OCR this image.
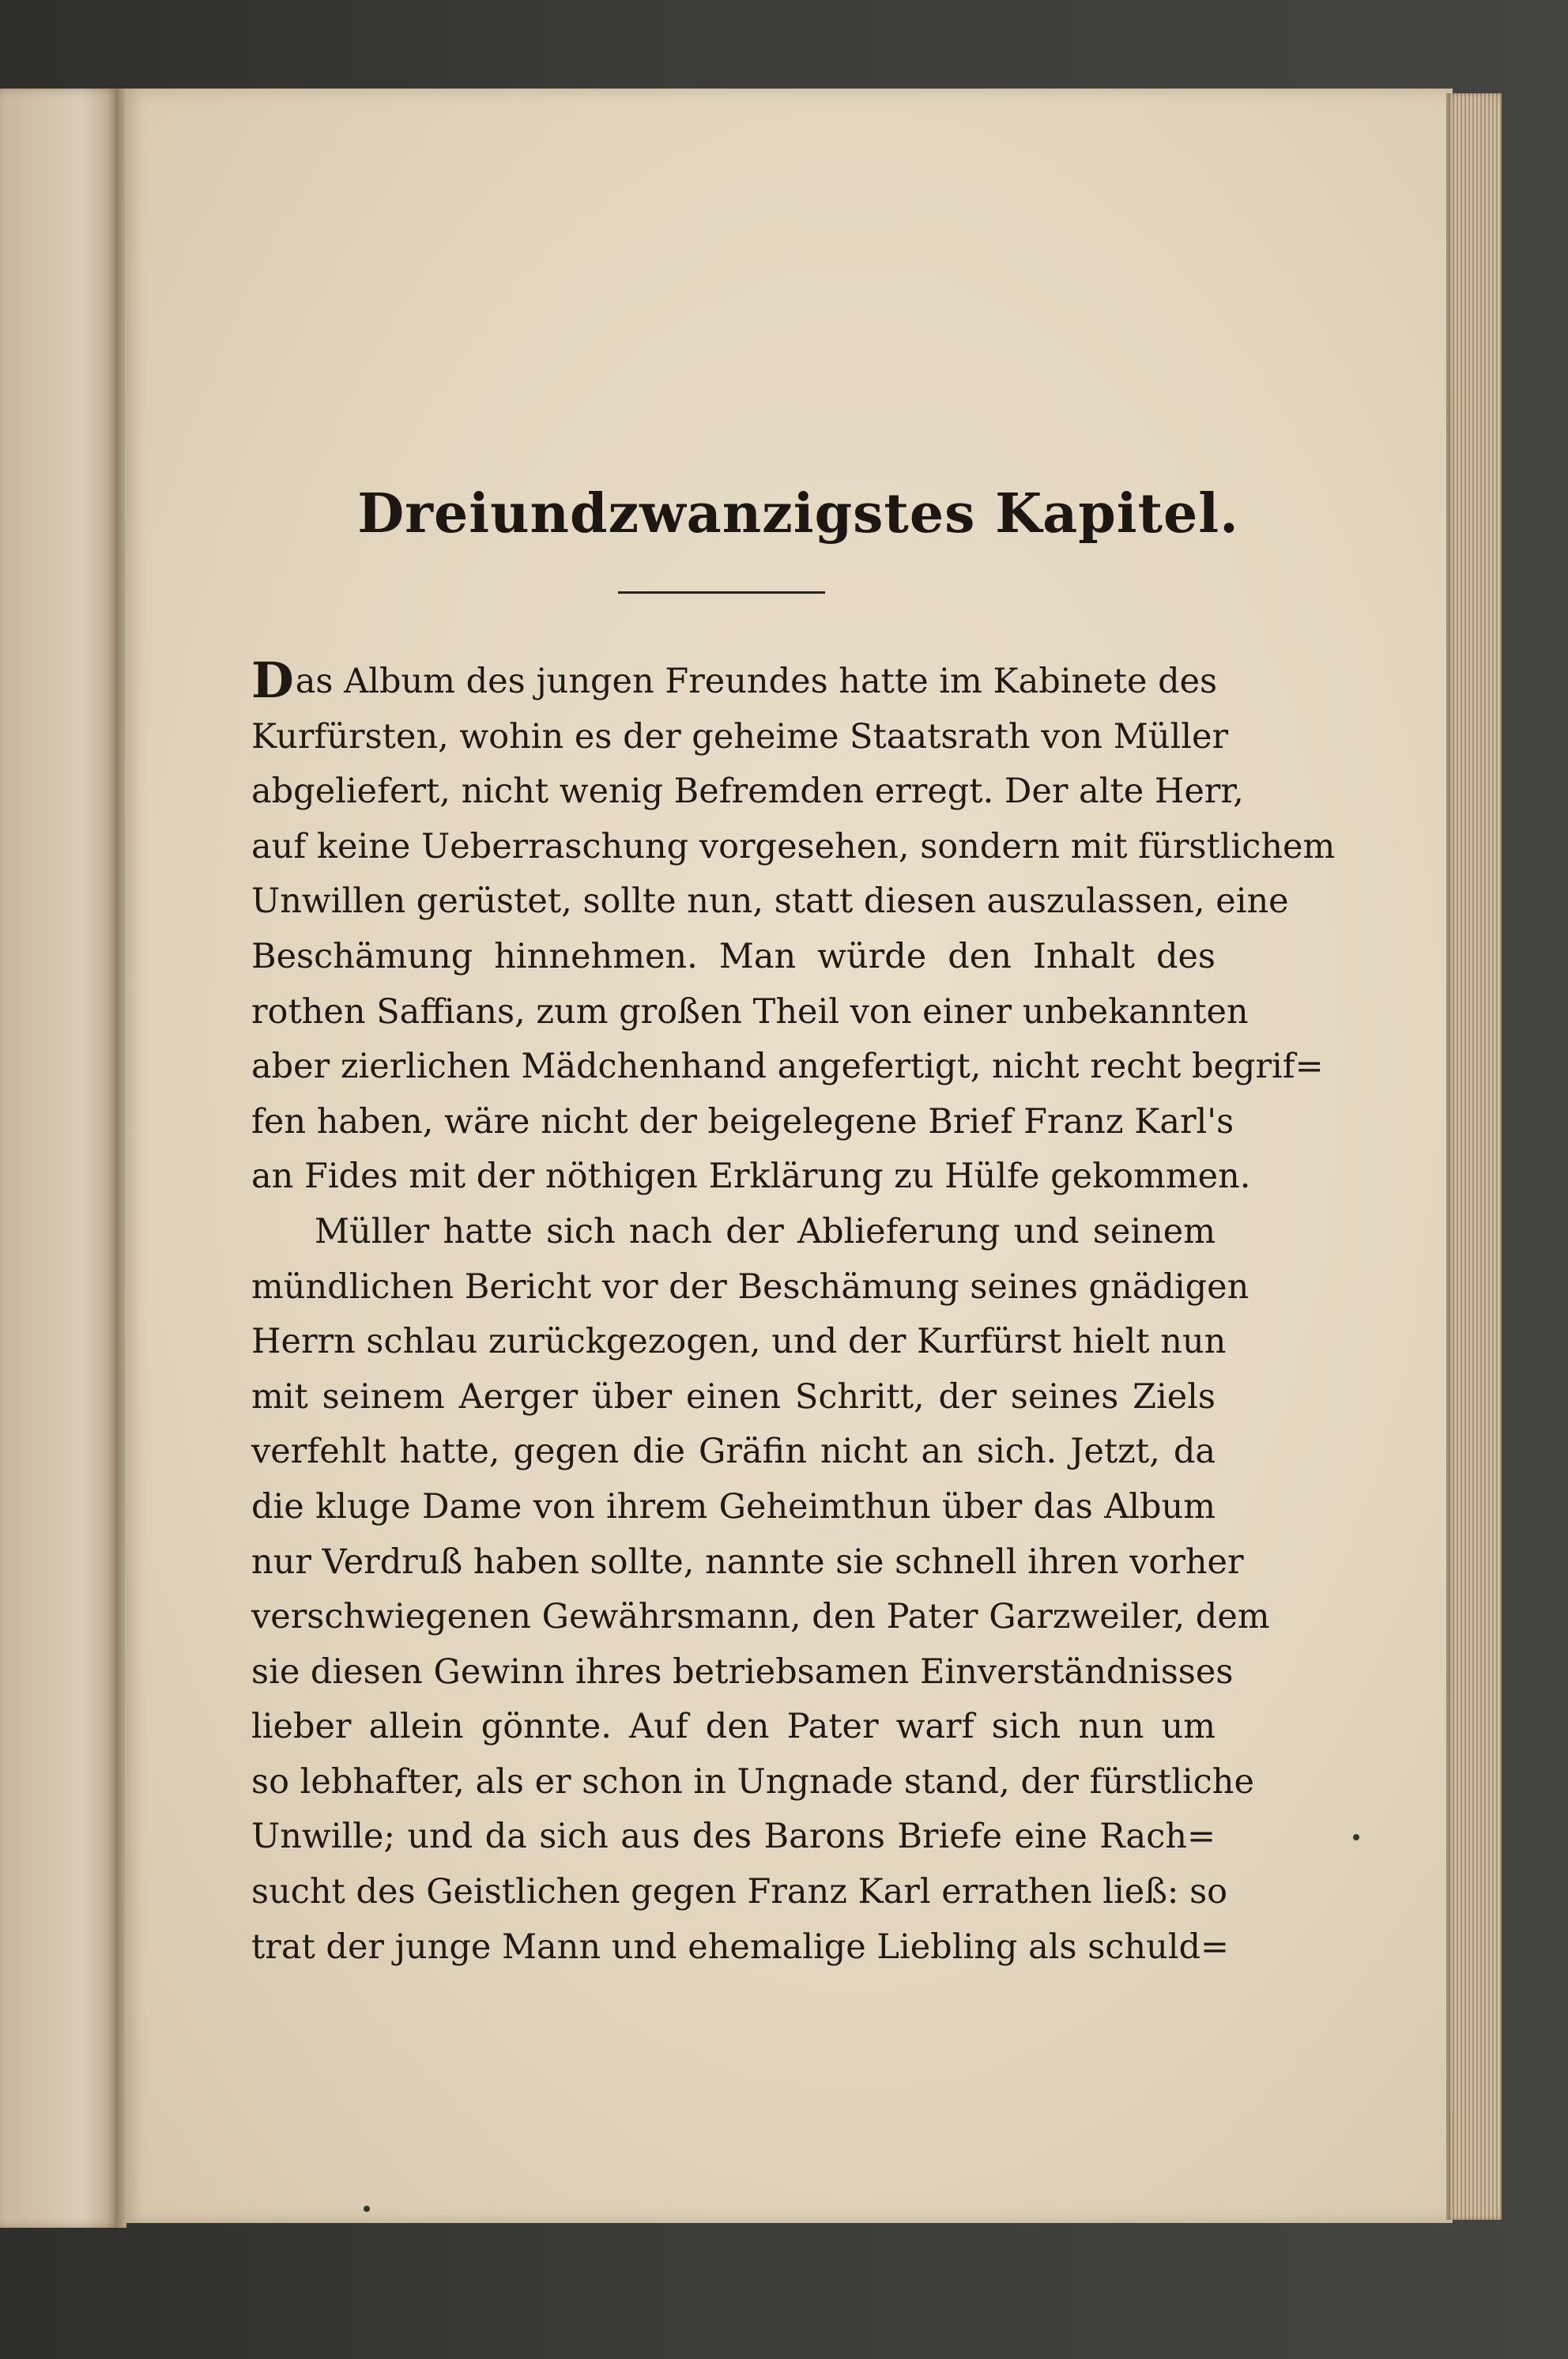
Dreiundzwanzigstes Kapitel.
Das Album des jungen Freundes hatte im Kabinete des
Kurfürsten, wohin es der geheime Staatsrath von Müller
abgeliefert, nicht wenig Befremden erregt. Der alte Herr,
auf keine Ueberraschung vorgesehen, sondern mit fürstlichem
Unwillen gerüstet, sollte nun, statt diesen auszulassen, eine
Beschämung hinnehmen. Man würde den Inhalt des
rothen Saffians, zum großen Theil von einer unbekannten
aber zierlichen Mädchenhand angefertigt, nicht recht begrif=
fen haben, wäre nicht der beigelegene Brief Franz Karl's
an Fides mit der nöthigen Erklärung zu Hülfe gekommen.
Müller hatte sich nach der Ablieferung und seinem
mündlichen Bericht vor der Beschämung seines gnädigen
Herrn schlau zurückgezogen, und der Kurfürst hielt nun
mit seinem Aerger über einen Schritt, der seines Ziels
verfehlt hatte, gegen die Gräfin nicht an sich. Jetzt, da
die kluge Dame von ihrem Geheimthun über das Album
nur Verdruß haben sollte, nannte sie schnell ihren vorher
verschwiegenen Gewährsmann, den Pater Garzweiler, dem
sie diesen Gewinn ihres betriebsamen Einverständnisses
lieber allein gönnte. Auf den Pater warf sich nun um
so lebhafter, als er schon in Ungnade stand, der fürstliche
Unwille; und da sich aus des Barons Briefe eine Rach=
sucht des Geistlichen gegen Franz Karl errathen ließ: so
trat der junge Mann und ehemalige Liebling als schuld=
